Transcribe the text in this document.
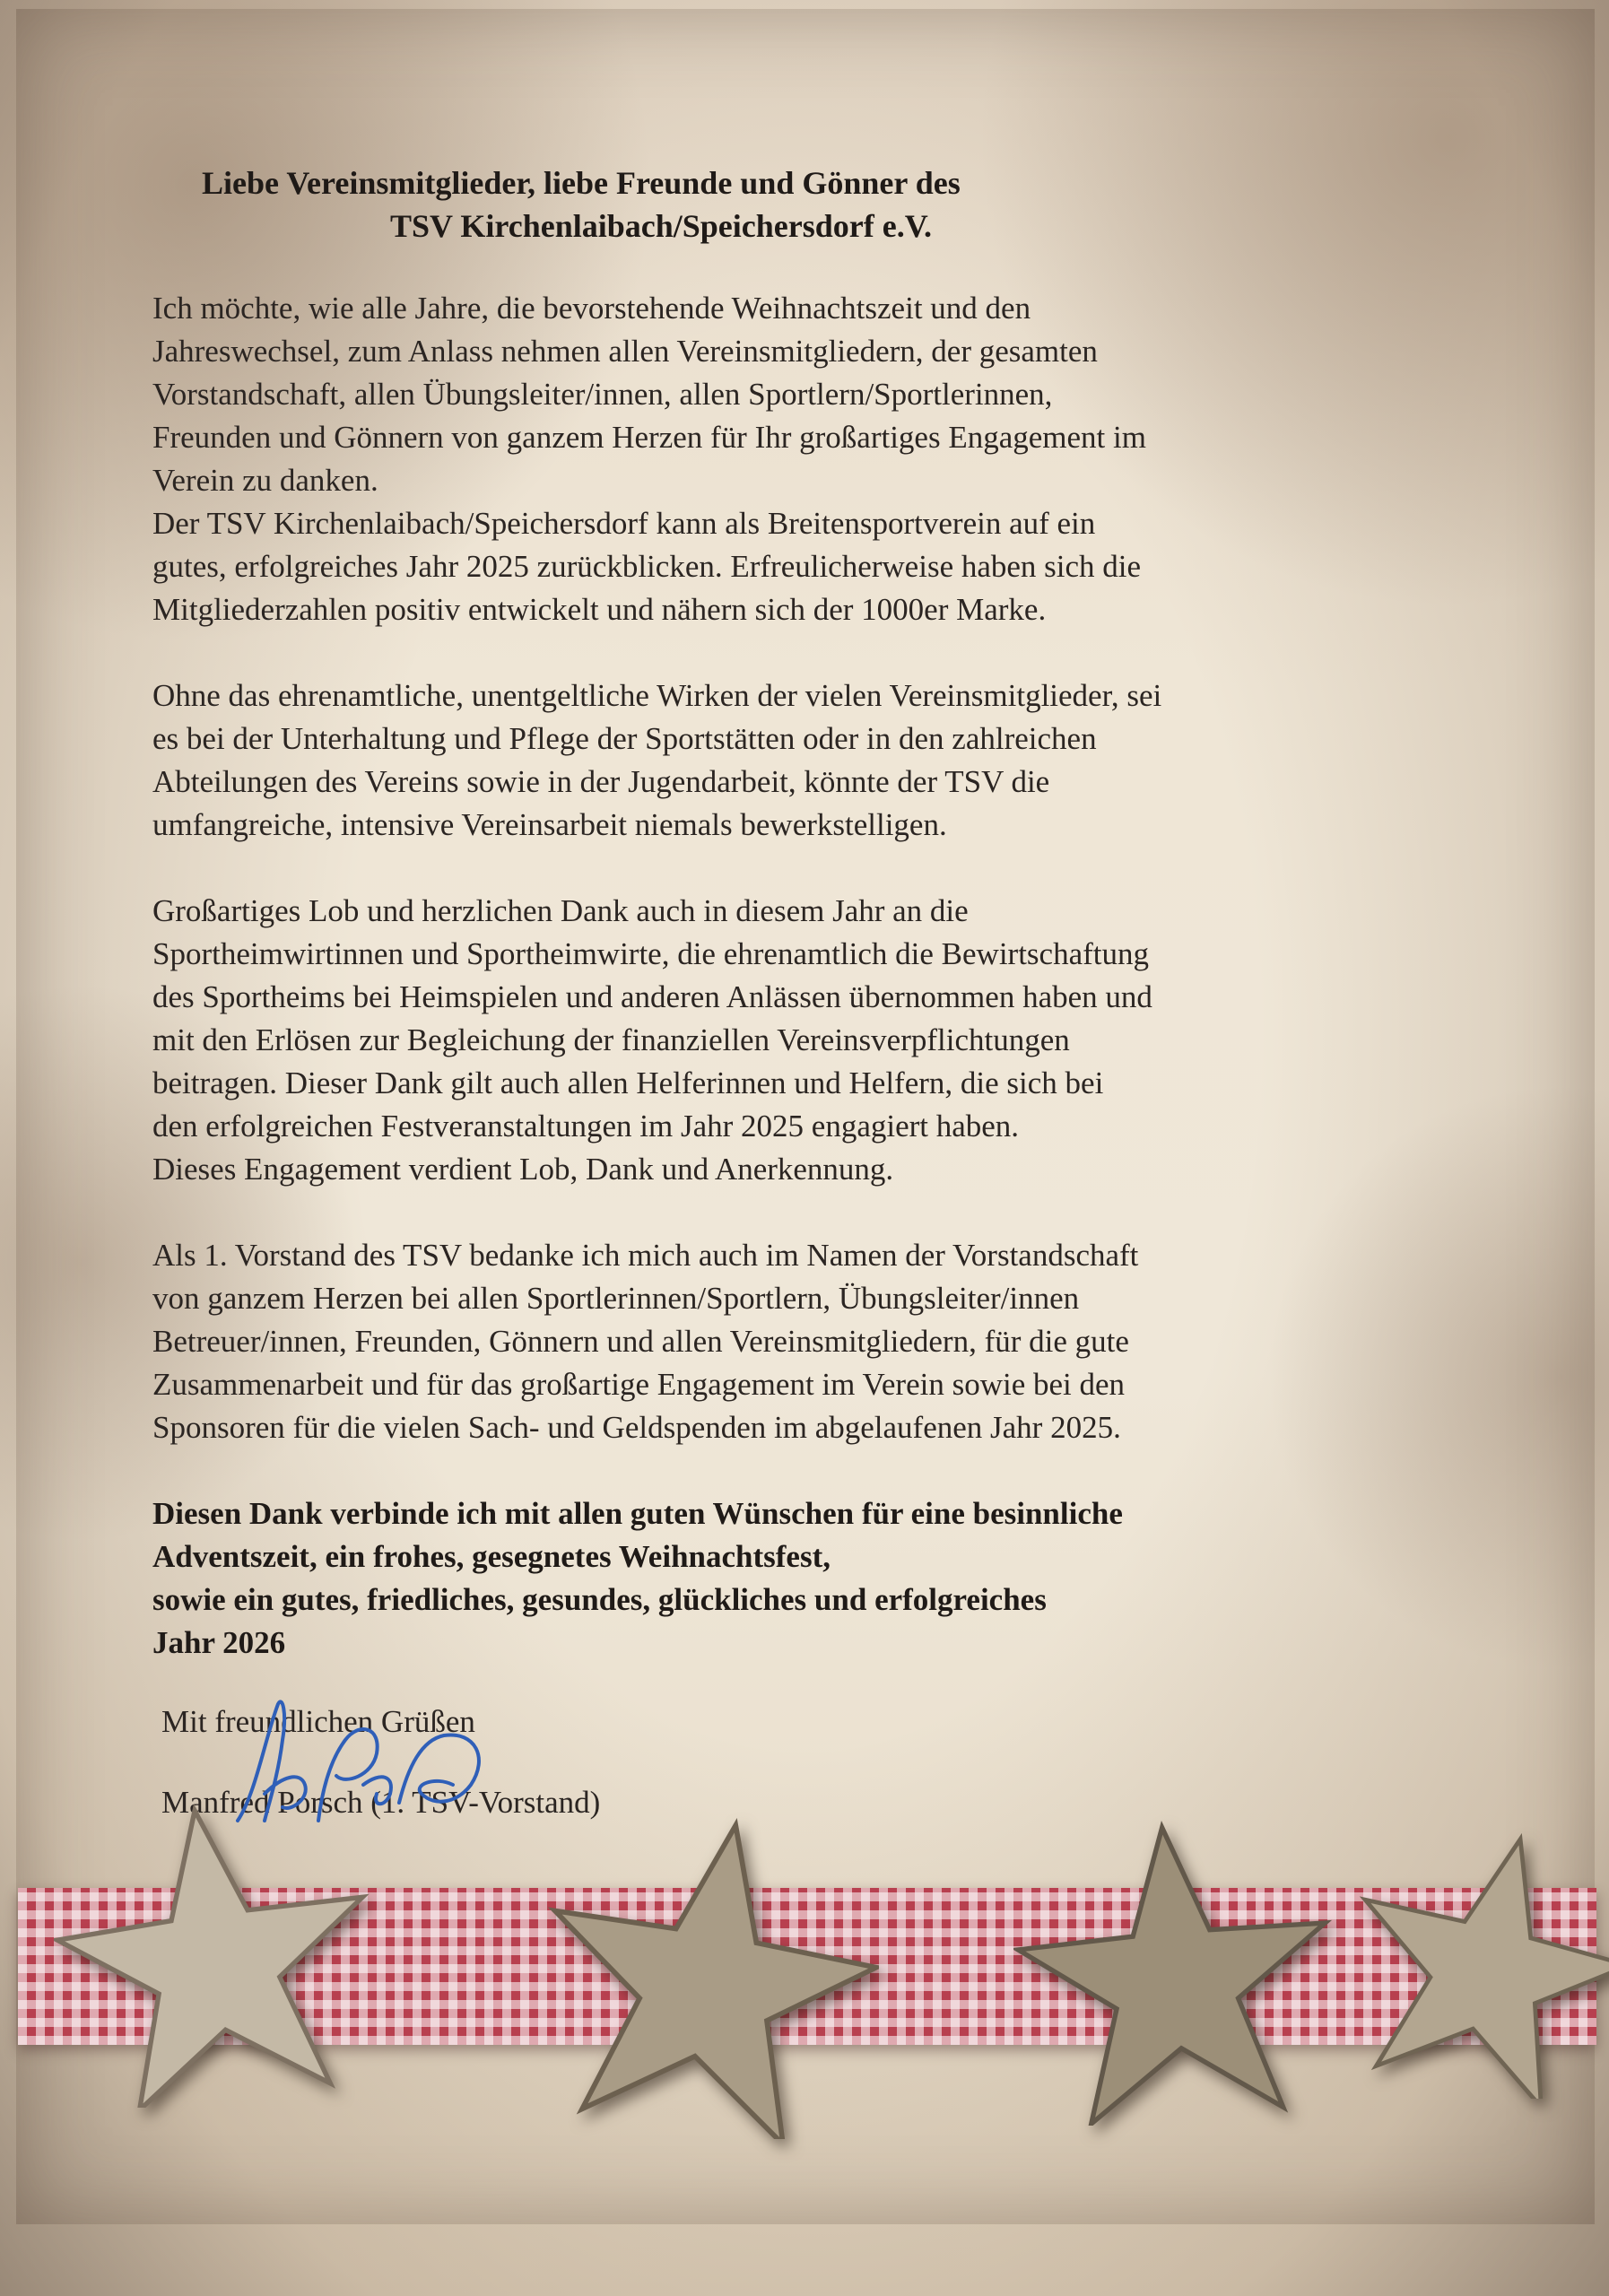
Liebe Vereinsmitglieder, liebe Freunde und Gönner des
TSV Kirchenlaibach/Speichersdorf e.V.
Ich möchte, wie alle Jahre, die bevorstehende Weihnachtszeit und den
Jahreswechsel, zum Anlass nehmen allen Vereinsmitgliedern, der gesamten
Vorstandschaft, allen Übungsleiter/innen, allen Sportlern/Sportlerinnen,
Freunden und Gönnern von ganzem Herzen für Ihr großartiges Engagement im
Verein zu danken.
Der TSV Kirchenlaibach/Speichersdorf kann als Breitensportverein auf ein
gutes, erfolgreiches Jahr 2025 zurückblicken. Erfreulicherweise haben sich die
Mitgliederzahlen positiv entwickelt und nähern sich der 1000er Marke.
Ohne das ehrenamtliche, unentgeltliche Wirken der vielen Vereinsmitglieder, sei
es bei der Unterhaltung und Pflege der Sportstätten oder in den zahlreichen
Abteilungen des Vereins sowie in der Jugendarbeit, könnte der TSV die
umfangreiche, intensive Vereinsarbeit niemals bewerkstelligen.
Großartiges Lob und herzlichen Dank auch in diesem Jahr an die
Sportheimwirtinnen und Sportheimwirte, die ehrenamtlich die Bewirtschaftung
des Sportheims bei Heimspielen und anderen Anlässen übernommen haben und
mit den Erlösen zur Begleichung der finanziellen Vereinsverpflichtungen
beitragen. Dieser Dank gilt auch allen Helferinnen und Helfern, die sich bei
den erfolgreichen Festveranstaltungen im Jahr 2025 engagiert haben.
Dieses Engagement verdient Lob, Dank und Anerkennung.
Als 1. Vorstand des TSV bedanke ich mich auch im Namen der Vorstandschaft
von ganzem Herzen bei allen Sportlerinnen/Sportlern, Übungsleiter/innen
Betreuer/innen, Freunden, Gönnern und allen Vereinsmitgliedern, für die gute
Zusammenarbeit und für das großartige Engagement im Verein sowie bei den
Sponsoren für die vielen Sach- und Geldspenden im abgelaufenen Jahr 2025.
Diesen Dank verbinde ich mit allen guten Wünschen für eine besinnliche
Adventszeit, ein frohes, gesegnetes Weihnachtsfest,
sowie ein gutes, friedliches, gesundes, glückliches und erfolgreiches
Jahr 2026
Mit freundlichen Grüßen
Manfred Porsch (1. TSV-Vorstand)
